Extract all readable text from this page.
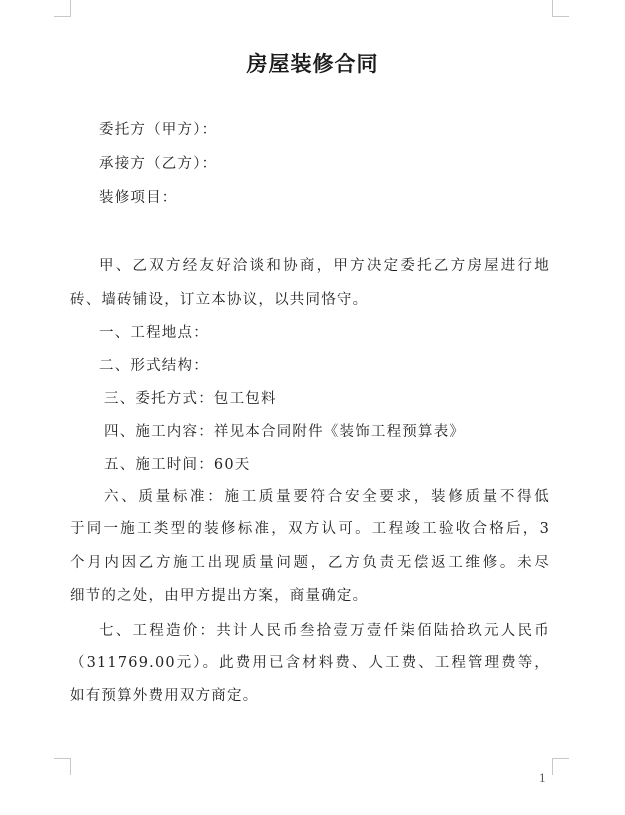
房屋装修合同
委托方（甲方）：
承接方（乙方）：
装修项目：
甲、乙双方经友好洽谈和协商，甲方决定委托乙方房屋进行地
砖、墙砖铺设，订立本协议，以共同恪守。
一、工程地点：
二、形式结构：
三、委托方式：包工包料
四、施工内容：祥见本合同附件《装饰工程预算表》
五、施工时间：60天
六、质量标准：施工质量要符合安全要求，装修质量不得低
于同一施工类型的装修标准，双方认可。工程竣工验收合格后，3
个月内因乙方施工出现质量问题，乙方负责无偿返工维修。未尽
细节的之处，由甲方提出方案，商量确定。
七、工程造价：共计人民币叁拾壹万壹仟柒佰陆拾玖元人民币
（311769.00元）。此费用已含材料费、人工费、工程管理费等，
如有预算外费用双方商定。
1
